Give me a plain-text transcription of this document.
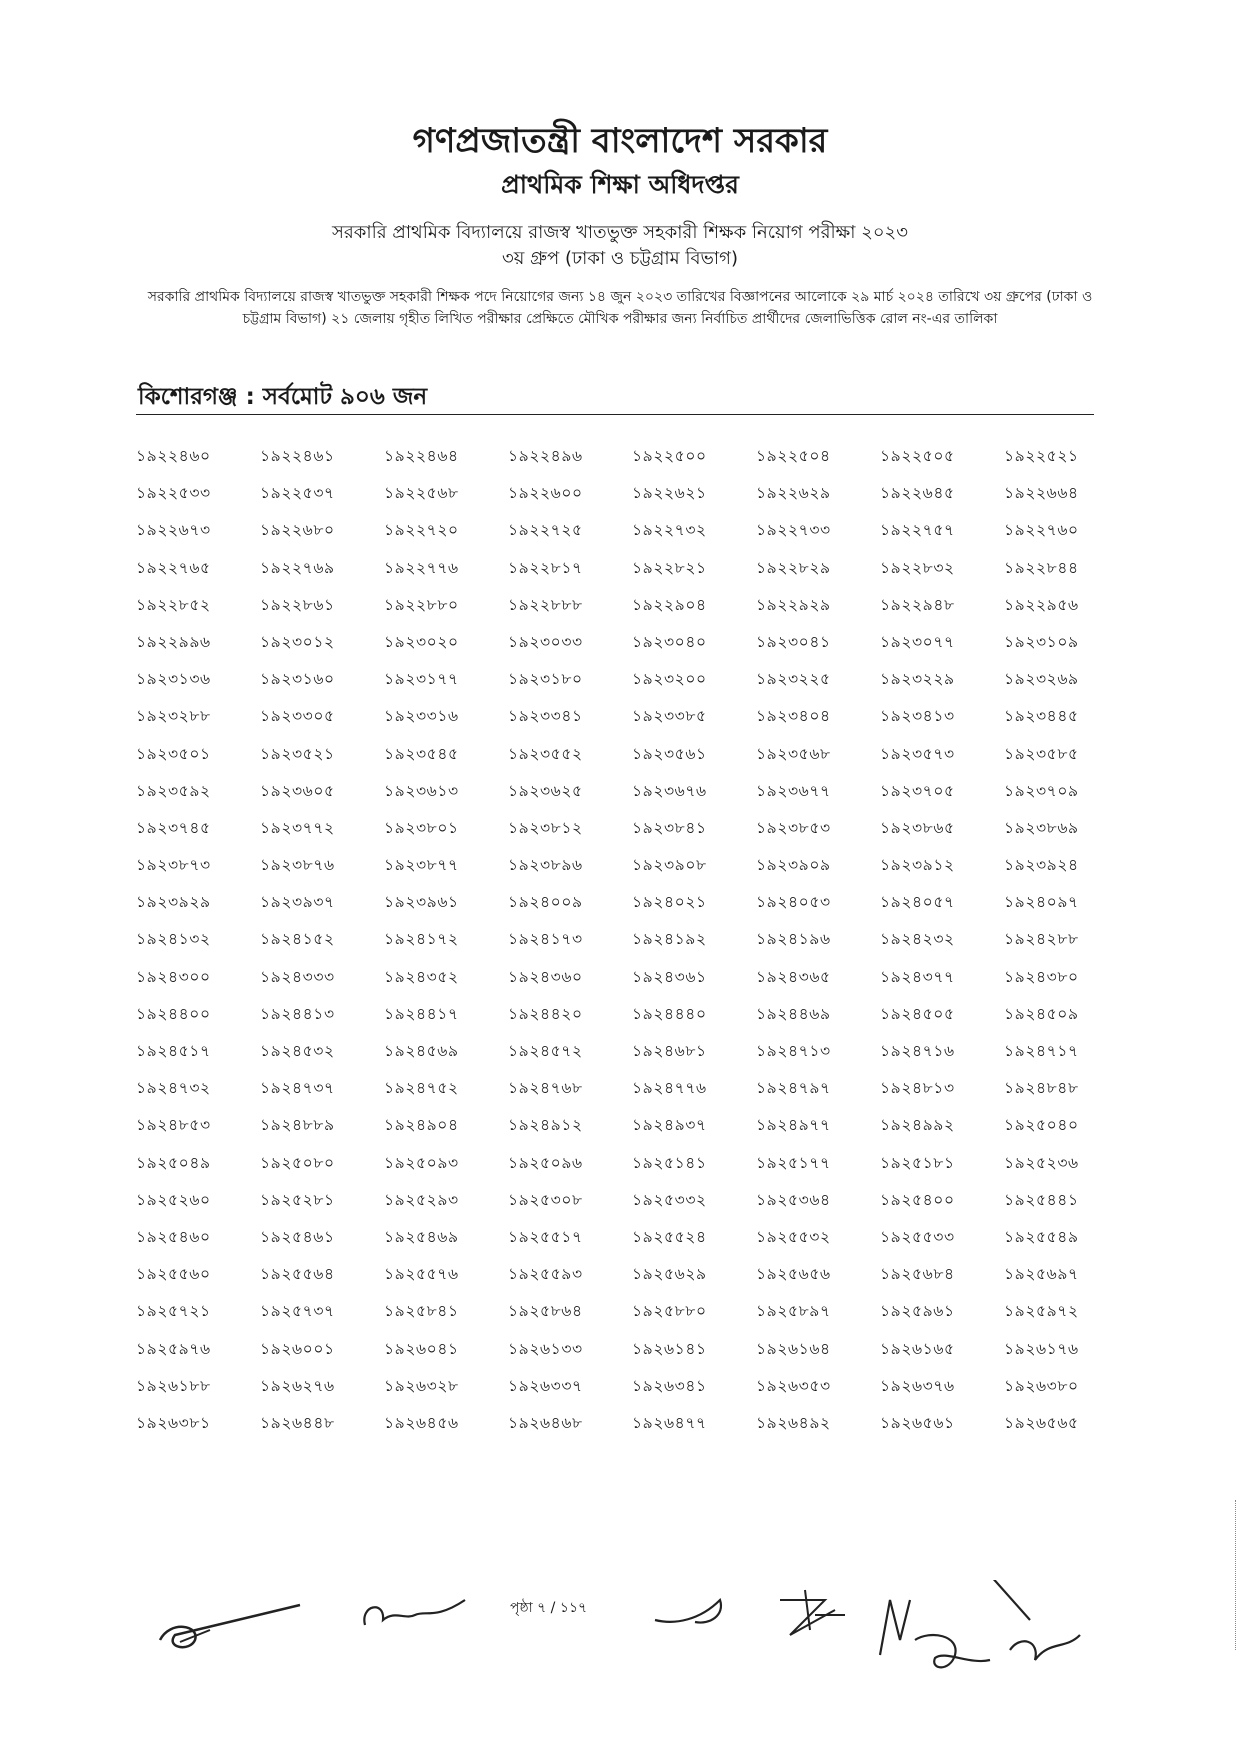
গণপ্রজাতন্ত্রী বাংলাদেশ সরকার

প্রাথমিক শিক্ষা অধিদপ্তর

সরকারি প্রাথমিক বিদ্যালয়ে রাজস্ব খাতভুক্ত সহকারী শিক্ষক নিয়োগ পরীক্ষা ২০২৩

৩য় গ্রুপ (ঢাকা ও চট্টগ্রাম বিভাগ)

সরকারি প্রাথমিক বিদ্যালয়ে রাজস্ব খাতভুক্ত সহকারী শিক্ষক পদে নিয়োগের জন্য ১৪ জুন ২০২৩ তারিখের বিজ্ঞাপনের আলোকে ২৯ মার্চ ২০২৪ তারিখে ৩য় গ্রুপের (ঢাকা ও চট্টগ্রাম বিভাগ) ২১ জেলায় গৃহীত লিখিত পরীক্ষার প্রেক্ষিতে মৌখিক পরীক্ষার জন্য নির্বাচিত প্রার্থীদের জেলাভিত্তিক রোল নং-এর তালিকা

কিশোরগঞ্জ : সর্বমোট ৯০৬ জন
১৯২২৪৬০	১৯২২৪৬১	১৯২২৪৬৪	১৯২২৪৯৬	১৯২২৫০০	১৯২২৫০৪	১৯২২৫০৫	১৯২২৫২১
১৯২২৫৩৩	১৯২২৫৩৭	১৯২২৫৬৮	১৯২২৬০০	১৯২২৬২১	১৯২২৬২৯	১৯২২৬৪৫	১৯২২৬৬৪
১৯২২৬৭৩	১৯২২৬৮০	১৯২২৭২০	১৯২২৭২৫	১৯২২৭৩২	১৯২২৭৩৩	১৯২২৭৫৭	১৯২২৭৬০
১৯২২৭৬৫	১৯২২৭৬৯	১৯২২৭৭৬	১৯২২৮১৭	১৯২২৮২১	১৯২২৮২৯	১৯২২৮৩২	১৯২২৮৪৪
১৯২২৮৫২	১৯২২৮৬১	১৯২২৮৮০	১৯২২৮৮৮	১৯২২৯০৪	১৯২২৯২৯	১৯২২৯৪৮	১৯২২৯৫৬
১৯২২৯৯৬	১৯২৩০১২	১৯২৩০২০	১৯২৩০৩৩	১৯২৩০৪০	১৯২৩০৪১	১৯২৩০৭৭	১৯২৩১০৯
১৯২৩১৩৬	১৯২৩১৬০	১৯২৩১৭৭	১৯২৩১৮০	১৯২৩২০০	১৯২৩২২৫	১৯২৩২২৯	১৯২৩২৬৯
১৯২৩২৮৮	১৯২৩৩০৫	১৯২৩৩১৬	১৯২৩৩৪১	১৯২৩৩৮৫	১৯২৩৪০৪	১৯২৩৪১৩	১৯২৩৪৪৫
১৯২৩৫০১	১৯২৩৫২১	১৯২৩৫৪৫	১৯২৩৫৫২	১৯২৩৫৬১	১৯২৩৫৬৮	১৯২৩৫৭৩	১৯২৩৫৮৫
১৯২৩৫৯২	১৯২৩৬০৫	১৯২৩৬১৩	১৯২৩৬২৫	১৯২৩৬৭৬	১৯২৩৬৭৭	১৯২৩৭০৫	১৯২৩৭০৯
১৯২৩৭৪৫	১৯২৩৭৭২	১৯২৩৮০১	১৯২৩৮১২	১৯২৩৮৪১	১৯২৩৮৫৩	১৯২৩৮৬৫	১৯২৩৮৬৯
১৯২৩৮৭৩	১৯২৩৮৭৬	১৯২৩৮৭৭	১৯২৩৮৯৬	১৯২৩৯০৮	১৯২৩৯০৯	১৯২৩৯১২	১৯২৩৯২৪
১৯২৩৯২৯	১৯২৩৯৩৭	১৯২৩৯৬১	১৯২৪০০৯	১৯২৪০২১	১৯২৪০৫৩	১৯২৪০৫৭	১৯২৪০৯৭
১৯২৪১৩২	১৯২৪১৫২	১৯২৪১৭২	১৯২৪১৭৩	১৯২৪১৯২	১৯২৪১৯৬	১৯২৪২৩২	১৯২৪২৮৮
১৯২৪৩০০	১৯২৪৩৩৩	১৯২৪৩৫২	১৯২৪৩৬০	১৯২৪৩৬১	১৯২৪৩৬৫	১৯২৪৩৭৭	১৯২৪৩৮০
১৯২৪৪০০	১৯২৪৪১৩	১৯২৪৪১৭	১৯২৪৪২০	১৯২৪৪৪০	১৯২৪৪৬৯	১৯২৪৫০৫	১৯২৪৫০৯
১৯২৪৫১৭	১৯২৪৫৩২	১৯২৪৫৬৯	১৯২৪৫৭২	১৯২৪৬৮১	১৯২৪৭১৩	১৯২৪৭১৬	১৯২৪৭১৭
১৯২৪৭৩২	১৯২৪৭৩৭	১৯২৪৭৫২	১৯২৪৭৬৮	১৯২৪৭৭৬	১৯২৪৭৯৭	১৯২৪৮১৩	১৯২৪৮৪৮
১৯২৪৮৫৩	১৯২৪৮৮৯	১৯২৪৯০৪	১৯২৪৯১২	১৯২৪৯৩৭	১৯২৪৯৭৭	১৯২৪৯৯২	১৯২৫০৪০
১৯২৫০৪৯	১৯২৫০৮০	১৯২৫০৯৩	১৯২৫০৯৬	১৯২৫১৪১	১৯২৫১৭৭	১৯২৫১৮১	১৯২৫২৩৬
১৯২৫২৬০	১৯২৫২৮১	১৯২৫২৯৩	১৯২৫৩০৮	১৯২৫৩৩২	১৯২৫৩৬৪	১৯২৫৪০০	১৯২৫৪৪১
১৯২৫৪৬০	১৯২৫৪৬১	১৯২৫৪৬৯	১৯২৫৫১৭	১৯২৫৫২৪	১৯২৫৫৩২	১৯২৫৫৩৩	১৯২৫৫৪৯
১৯২৫৫৬০	১৯২৫৫৬৪	১৯২৫৫৭৬	১৯২৫৫৯৩	১৯২৫৬২৯	১৯২৫৬৫৬	১৯২৫৬৮৪	১৯২৫৬৯৭
১৯২৫৭২১	১৯২৫৭৩৭	১৯২৫৮৪১	১৯২৫৮৬৪	১৯২৫৮৮০	১৯২৫৮৯৭	১৯২৫৯৬১	১৯২৫৯৭২
১৯২৫৯৭৬	১৯২৬০০১	১৯২৬০৪১	১৯২৬১৩৩	১৯২৬১৪১	১৯২৬১৬৪	১৯২৬১৬৫	১৯২৬১৭৬
১৯২৬১৮৮	১৯২৬২৭৬	১৯২৬৩২৮	১৯২৬৩৩৭	১৯২৬৩৪১	১৯২৬৩৫৩	১৯২৬৩৭৬	১৯২৬৩৮০
১৯২৬৩৮১	১৯২৬৪৪৮	১৯২৬৪৫৬	১৯২৬৪৬৮	১৯২৬৪৭৭	১৯২৬৪৯২	১৯২৬৫৬১	১৯২৬৫৬৫
পৃষ্ঠা ৭ / ১১৭
